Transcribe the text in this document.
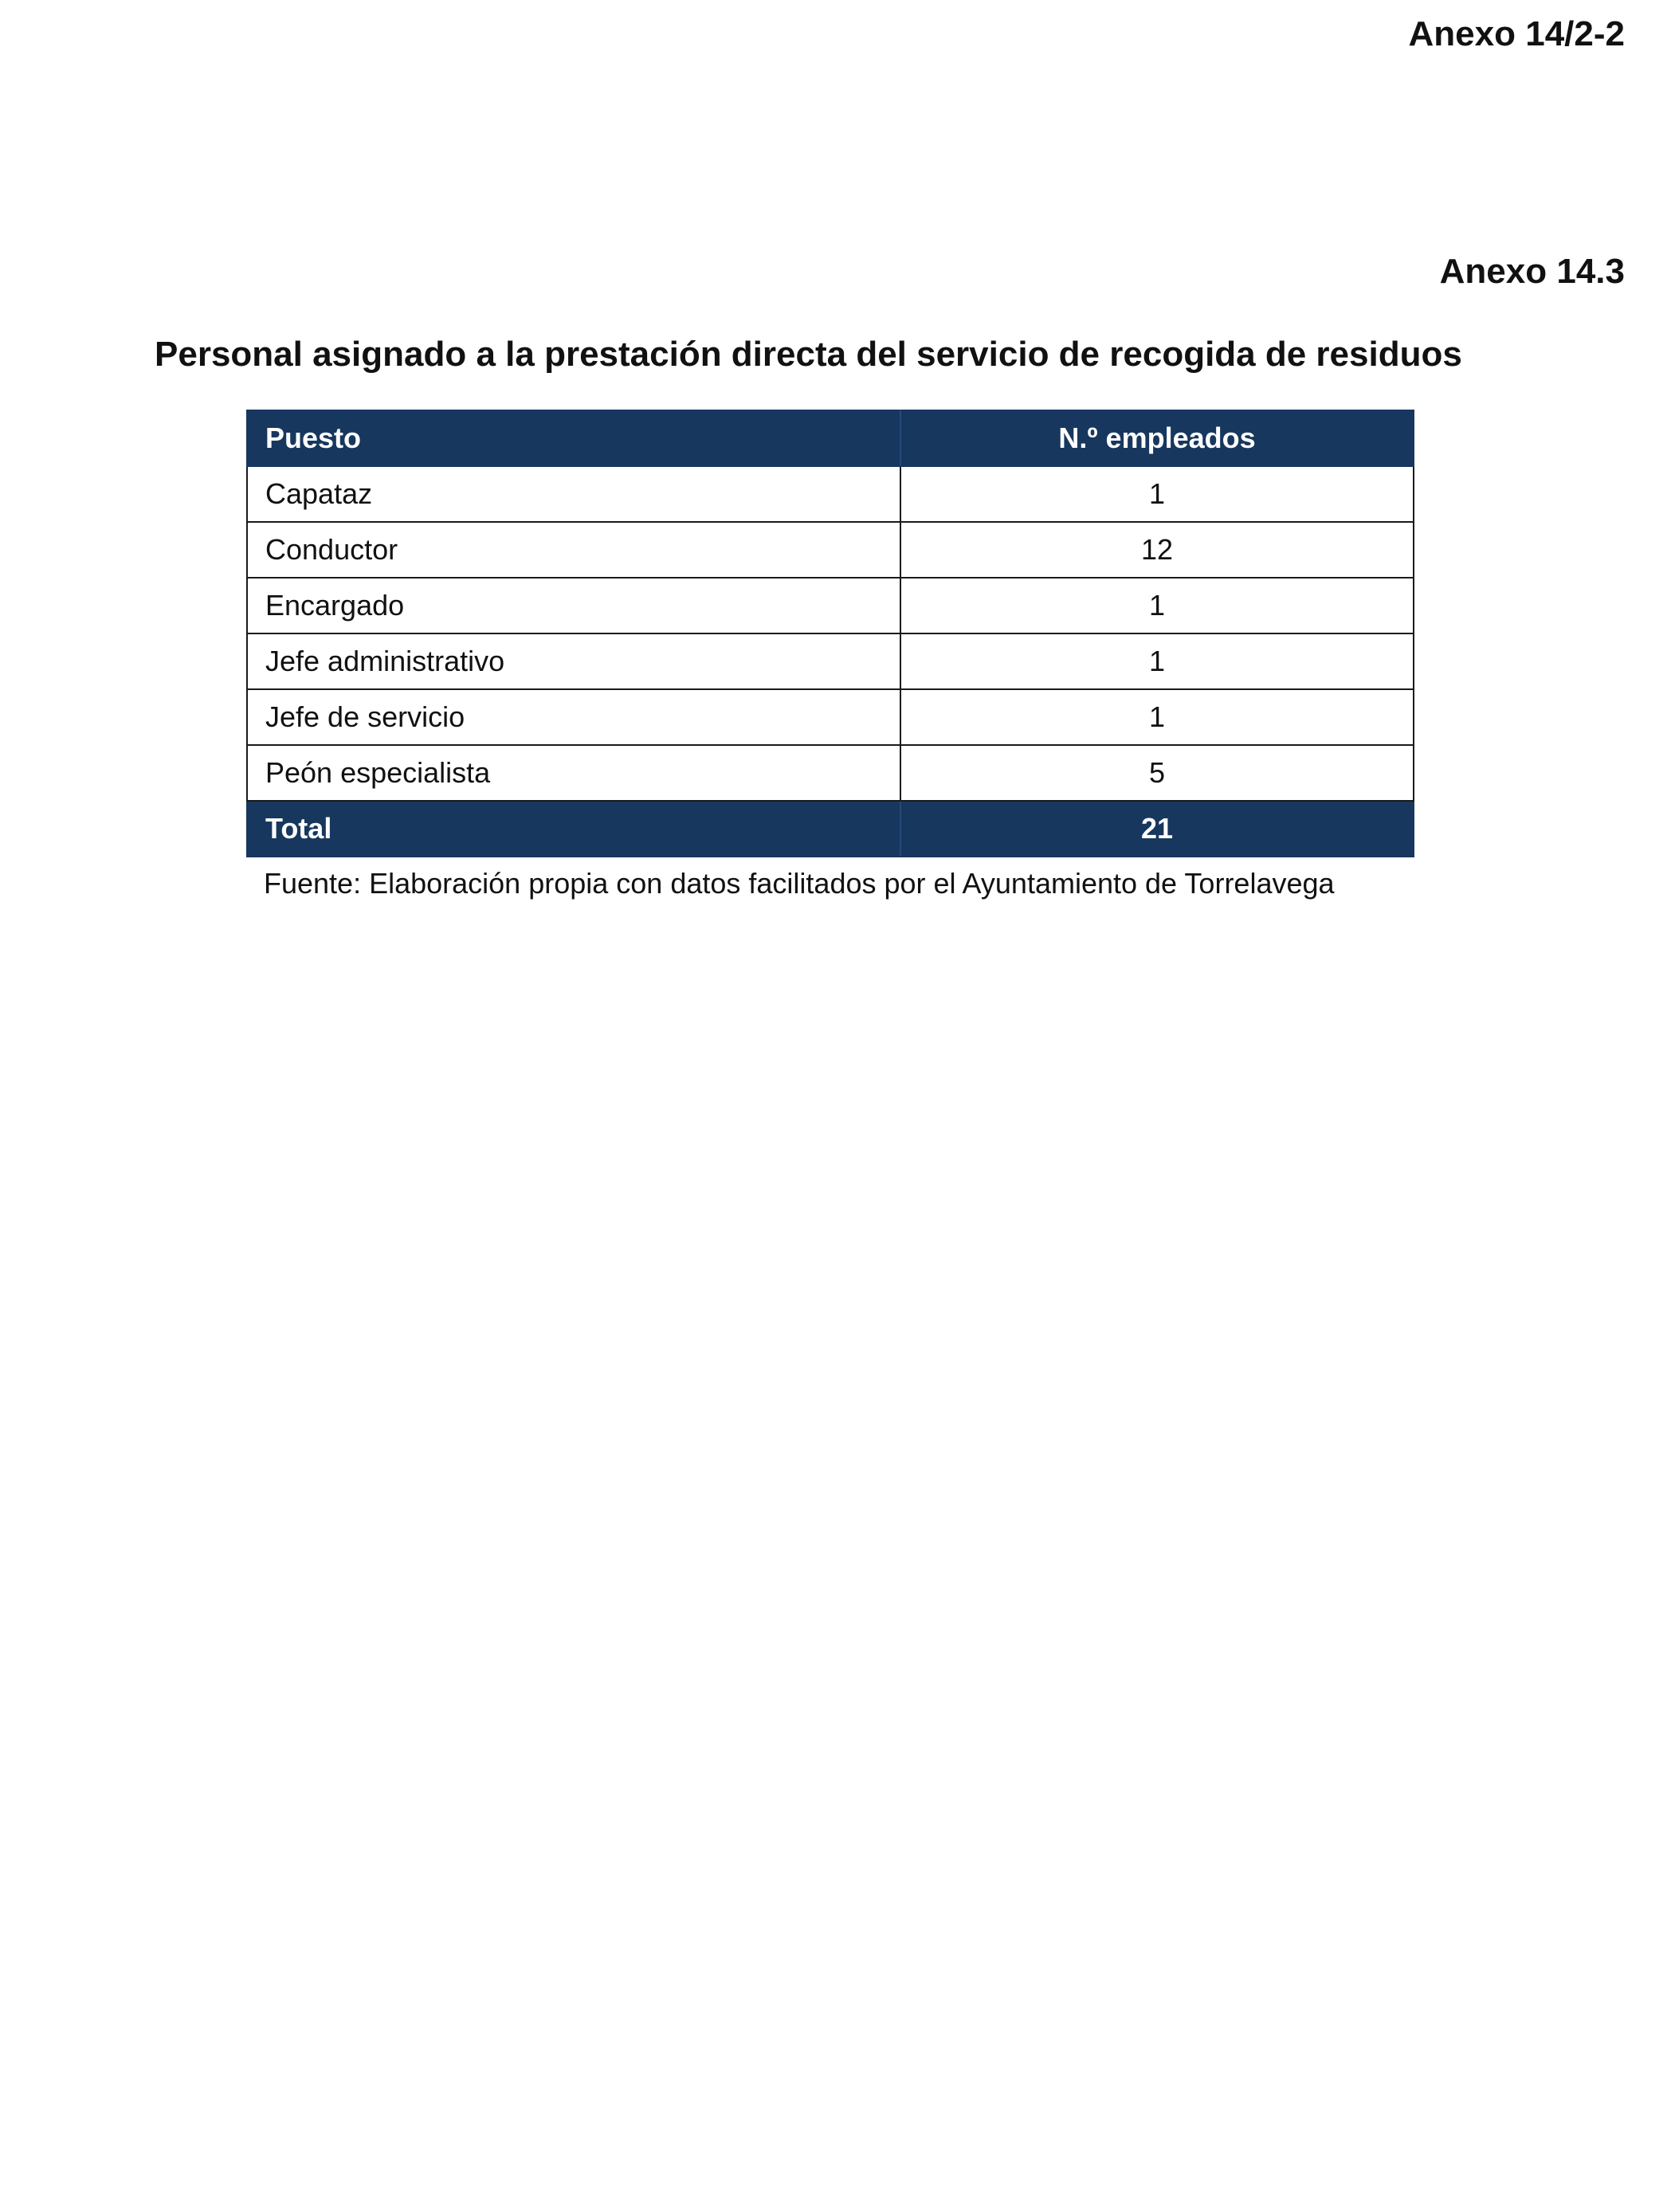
Anexo 14/2-2

Anexo 14.3

Personal asignado a la prestación directa del servicio de recogida de residuos
Puesto	N.º empleados
Capataz	1
Conductor	12
Encargado	1
Jefe administrativo	1
Jefe de servicio	1
Peón especialista	5
Total	21

Fuente: Elaboración propia con datos facilitados por el Ayuntamiento de Torrelavega
